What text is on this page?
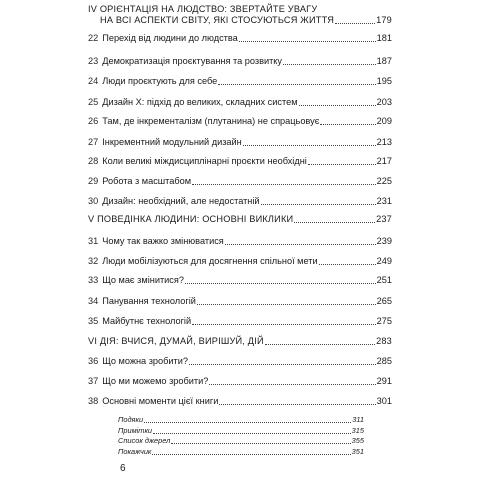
IV ОРІЄНТАЦІЯ НА ЛЮДСТВО: ЗВЕРТАЙТЕ УВАГУ
НА ВСІ АСПЕКТИ СВІТУ, ЯКІ СТОСУЮТЬСЯ ЖИТТЯ	179
22 Перехід від людини до людства	181
23 Демократизація проєктування та розвитку	187
24 Люди проєктують для себе	195
25 Дизайн X: підхід до великих, складних систем	203
26 Там, де інкременталізм (плутанина) не спрацьовує	209
27 Інкрементний модульний дизайн	213
28 Коли великі міждисциплінарні проєкти необхідні	217
29 Робота з масштабом	225
30 Дизайн: необхідний, але недостатній	231
V ПОВЕДІНКА ЛЮДИНИ: ОСНОВНІ ВИКЛИКИ	237
31 Чому так важко змінюватися	239
32 Люди мобілізуються для досягнення спільної мети	249
33 Що має змінитися?	251
34 Панування технологій	265
35 Майбутнє технологій	275
VI ДІЯ: ВЧИСЯ, ДУМАЙ, ВИРІШУЙ, ДІЙ	283
36 Що можна зробити?	285
37 Що ми можемо зробити?	291
38 Основні моменти цієї книги	301
Подяки	311
Примітки	315
Список джерел	355
Покажчик	351
6
